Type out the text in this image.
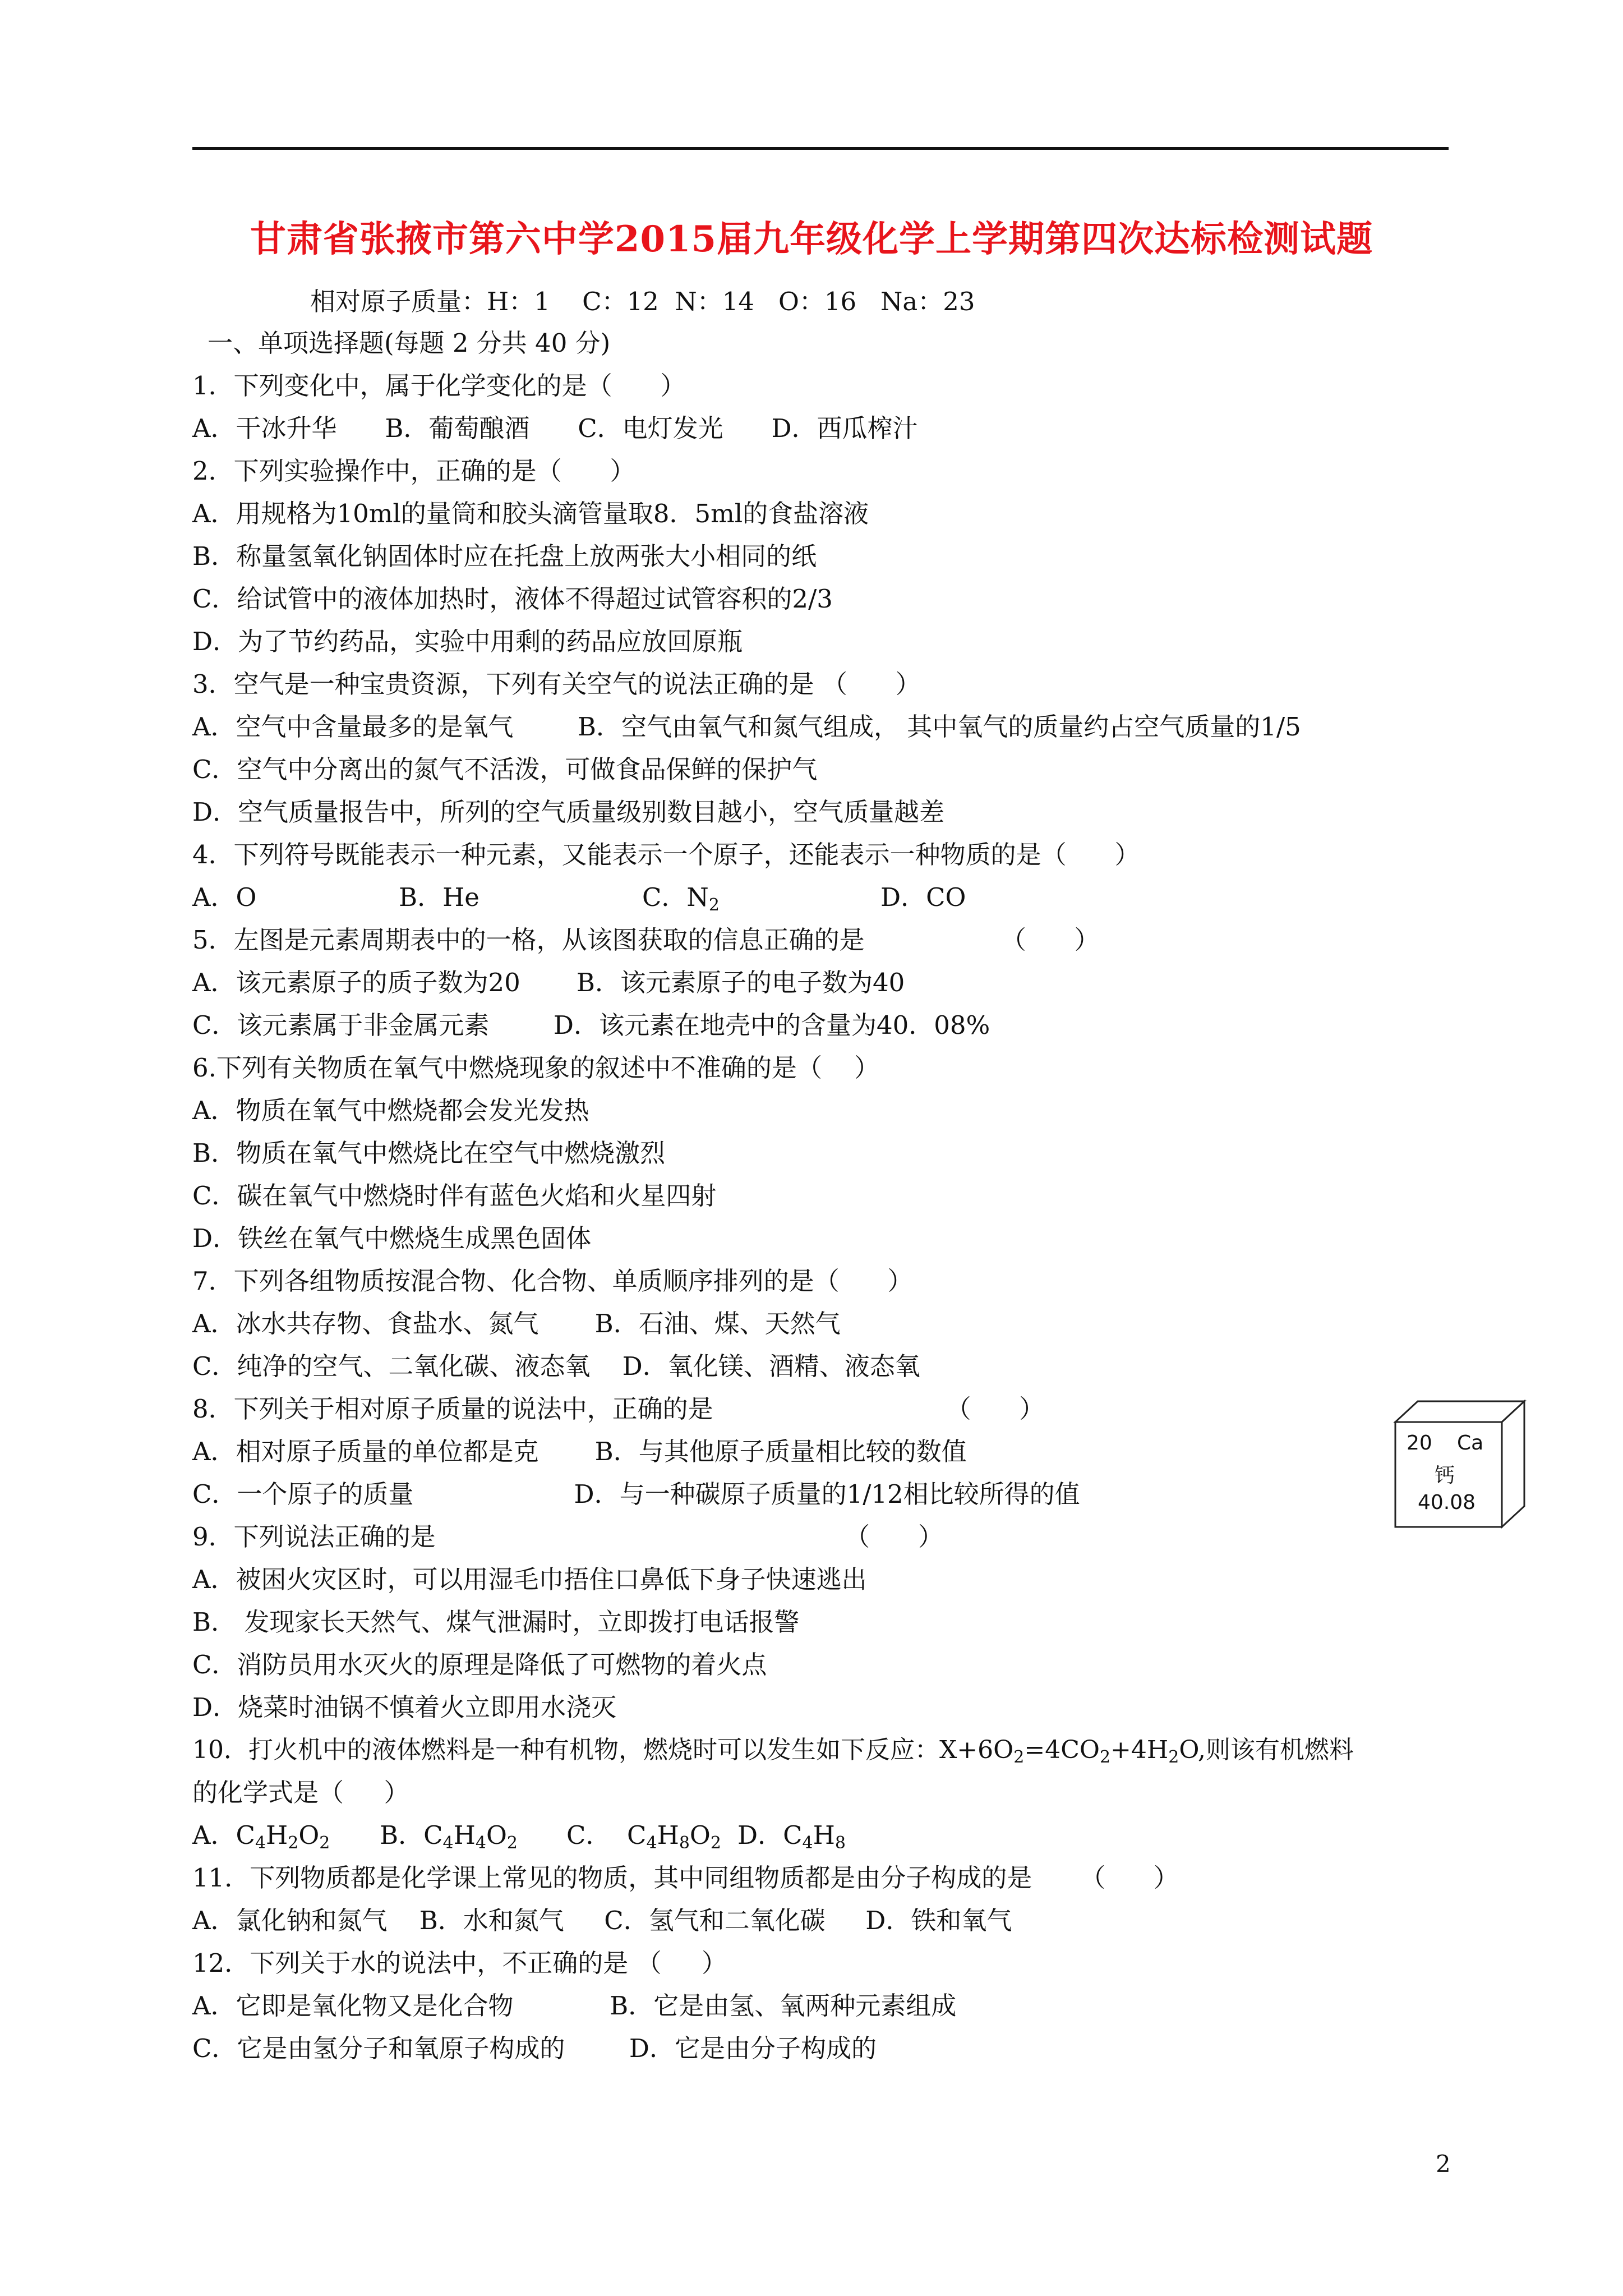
甘肃省张掖市第六中学2015届九年级化学上学期第四次达标检测试题
相对原子质量：H：1    C：12  N：14   O：16   Na：23
一、单项选择题(每题 2 分共 40 分)
1．下列变化中，属于化学变化的是（      ）
A．干冰升华      B．葡萄酿酒      C．电灯发光      D．西瓜榨汁
2．下列实验操作中，正确的是（      ）
A．用规格为10ml的量筒和胶头滴管量取8．5ml的食盐溶液
B．称量氢氧化钠固体时应在托盘上放两张大小相同的纸
C．给试管中的液体加热时，液体不得超过试管容积的2/3
D．为了节约药品，实验中用剩的药品应放回原瓶
3．空气是一种宝贵资源，下列有关空气的说法正确的是 （      ）
A．空气中含量最多的是氧气        B．空气由氧气和氮气组成， 其中氧气的质量约占空气质量的1/5
C．空气中分离出的氮气不活泼，可做食品保鲜的保护气
D．空气质量报告中，所列的空气质量级别数目越小，空气质量越差
4．下列符号既能表示一种元素，又能表示一个原子，还能表示一种物质的是（      ）
A．O	B．He	C．$N_2$	D．CO
5．左图是元素周期表中的一格，从该图获取的信息正确的是                 （      ）
A．该元素原子的质子数为20       B．该元素原子的电子数为40
C．该元素属于非金属元素        D．该元素在地壳中的含量为40．08%
6.下列有关物质在氧气中燃烧现象的叙述中不准确的是（    ）
A．物质在氧气中燃烧都会发光发热
B．物质在氧气中燃烧比在空气中燃烧激烈
C．碳在氧气中燃烧时伴有蓝色火焰和火星四射
D．铁丝在氧气中燃烧生成黑色固体
7．下列各组物质按混合物、化合物、单质顺序排列的是（      ）
A．冰水共存物、食盐水、氮气       B．石油、煤、天然气
C．纯净的空气、二氧化碳、液态氧    D．氧化镁、酒精、液态氧
8．下列关于相对原子质量的说法中，正确的是                             （      ）
A．相对原子质量的单位都是克       B．与其他原子质量相比较的数值
C．一个原子的质量                    D．与一种碳原子质量的1/12相比较所得的值
9．下列说法正确的是                                                   （      ）
A．被困火灾区时，可以用湿毛巾捂住口鼻低下身子快速逃出
B． 发现家长天然气、煤气泄漏时，立即拨打电话报警
C．消防员用水灭火的原理是降低了可燃物的着火点
D．烧菜时油锅不慎着火立即用水浇灭
10．打火机中的液体燃料是一种有机物，燃烧时可以发生如下反应：$X+6O_2=4CO_2+4H_2O$,则该有机燃料
的化学式是（     ）
A．$C_4H_2O_2$ B．$C_4H_4O_2$ C．  $C_4H_8O_2$ D．$C_4H_8$
11．下列物质都是化学课上常见的物质，其中同组物质都是由分子构成的是      （      ）
A．氯化钠和氮气    B．水和氮气     C．氢气和二氧化碳     D．铁和氧气
12．下列关于水的说法中，不正确的是 （     ）
A．它即是氧化物又是化合物            B．它是由氢、氧两种元素组成
C．它是由氢分子和氧原子构成的        D．它是由分子构成的
20 Ca
钙
40.08
2
